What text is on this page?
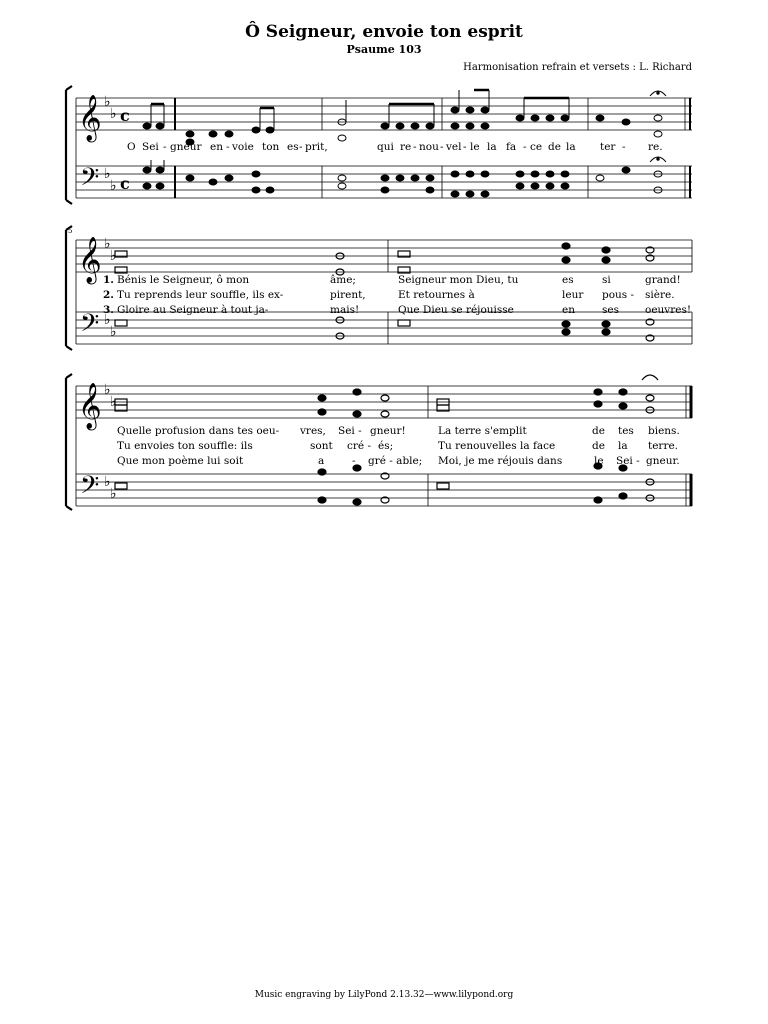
Ô Seigneur, envoie ton esprit
Psaume 103
Harmonisation refrain et versets : L. Richard
Music engraving by LilyPond 2.13.32—www.lilypond.org
𝄞
𝄢
♭
♭
♭
♭
c
c
O Sei - gneur en - voie ton es - prit,	qui re - nou - vel - le la fa - ce de la ter - re.
5
𝄞
𝄢
♭
♭
♭
♭
1. Bénis le Seigneur, ô mon	âme;	Seigneur mon Dieu, tu	es	si	grand!
2. Tu reprends leur souffle, ils ex-	pirent,	Et retournes à	leur pous - sière.
3. Gloire au Seigneur à tout ja-	mais!	Que Dieu se réjouisse	en	ses oeuvres!
𝄞
𝄢
♭
♭
♭
♭
Quelle profusion dans tes oeu- vres, Sei - gneur!	La terre s'emplit	de tes biens.
Tu envoies ton souffle: ils	sont cré - és;	Tu renouvelles la face	de la terre.
Que mon poème lui soit	a	- gré - able; Moi, je me réjouis dans	le Sei - gneur.
